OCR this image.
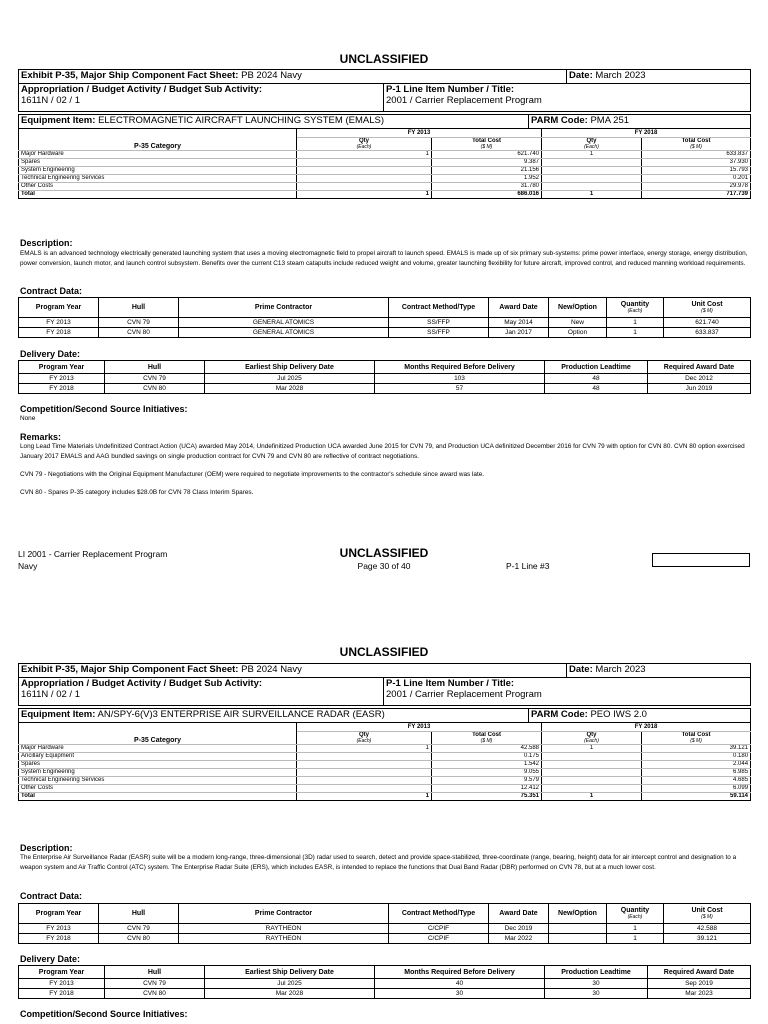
UNCLASSIFIED
Exhibit P-35, Major Ship Component Fact Sheet: PB 2024 Navy		Date: March 2023
Appropriation / Budget Activity / Budget Sub Activity:
1611N / 02 / 1	P-1 Line Item Number / Title:
2001 / Carrier Replacement Program	
Equipment Item: ELECTROMAGNETIC AIRCRAFT LAUNCHING SYSTEM (EMALS)	PARM Code: PMA 251
P-35 Category	FY 2013		FY 2018	
	Qty
(Each)	Total Cost
($ M)	Qty
(Each)	Total Cost
($ M)

Major Hardware	1	621.740	1	633.837
Spares		9.387		37.930
System Engineering		21.156		15.793
Technical Engineering Services		1.952		0.201
Other Costs		31.780		29.978
Total	1	686.016	1	717.739
Description:
EMALS is an advanced technology electrically generated launching system that uses a moving electromagnetic field to propel aircraft to launch speed. EMALS is made up of six primary sub-systems: prime power interface, energy storage, energy distribution, power conversion, launch motor, and launch control subsystem. Benefits over the current C13 steam catapults include reduced weight and volume, greater launching flexibility for future aircraft, improved control, and reduced manning workload requirements.
Contract Data:
Program Year	Hull	Prime Contractor	Contract Method/Type	Award Date	New/Option	Quantity
(Each)	Unit Cost
($ M)

FY 2013	CVN 79	GENERAL ATOMICS	SS/FFP	May 2014	New	1	621.740
FY 2018	CVN 80	GENERAL ATOMICS	SS/FFP	Jan 2017	Option	1	633.837
Delivery Date:
Program Year	Hull	Earliest Ship Delivery Date	Months Required Before Delivery	Production Leadtime	Required Award Date
FY 2013	CVN 79	Jul 2025	103	48	Dec 2012
FY 2018	CVN 80	Mar 2028	57	48	Jun 2019
Competition/Second Source Initiatives:
None
Remarks:
Long Lead Time Materials Undefinitized Contract Action (UCA) awarded May 2014, Undefinitized Production UCA awarded June 2015 for CVN 79, and Production UCA definitized December 2016 for CVN 79 with option for CVN 80. CVN 80 option exercised January 2017 EMALS and AAG bundled savings on single production contract for CVN 79 and CVN 80 are reflective of contract negotiations.
CVN 79 - Negotiations with the Original Equipment Manufacturer (OEM) were required to negotiate improvements to the contractor's schedule since award was late.
CVN 80 - Spares P-35 category includes $28.0B for CVN 78 Class Interim Spares.
UNCLASSIFIED
LI 2001 - Carrier Replacement Program
Navy	Page 30 of 40	P-1 Line #3
UNCLASSIFIED
Exhibit P-35, Major Ship Component Fact Sheet: PB 2024 Navy		Date: March 2023
Appropriation / Budget Activity / Budget Sub Activity:
1611N / 02 / 1	P-1 Line Item Number / Title:
2001 / Carrier Replacement Program	
Equipment Item: AN/SPY-6(V)3 ENTERPRISE AIR SURVEILLANCE RADAR (EASR)	PARM Code: PEO IWS 2.0
P-35 Category	FY 2013		FY 2018	
	Qty
(Each)	Total Cost
($ M)	Qty
(Each)	Total Cost
($ M)

Major Hardware	1	42.588	1	39.121
Ancillary Equipment		0.175		0.180
Spares		1.542		2.044
System Engineering		9.055		6.985
Technical Engineering Services		9.579		4.685
Other Costs		12.412		6.099
Total	1	75.351	1	59.114
Description:
The Enterprise Air Surveillance Radar (EASR) suite will be a modern long-range, three-dimensional (3D) radar used to search, detect and provide space-stabilized, three-coordinate (range, bearing, height) data for air intercept control and designation to a weapon system and Air Traffic Control (ATC) system. The Enterprise Radar Suite (ERS), which includes EASR, is intended to replace the functions that Dual Band Radar (DBR) performed on CVN 78, but at a much lower cost.
Contract Data:
Program Year	Hull	Prime Contractor	Contract Method/Type	Award Date	New/Option	Quantity
(Each)	Unit Cost
($ M)

FY 2013	CVN 79	RAYTHEON	C/CPIF	Dec 2019		1	42.588
FY 2018	CVN 80	RAYTHEON	C/CPIF	Mar 2022		1	39.121
Delivery Date:
Program Year	Hull	Earliest Ship Delivery Date	Months Required Before Delivery	Production Leadtime	Required Award Date
FY 2013	CVN 79	Jul 2025	40	30	Sep 2019
FY 2018	CVN 80	Mar 2028	30	30	Mar 2023
Competition/Second Source Initiatives:
